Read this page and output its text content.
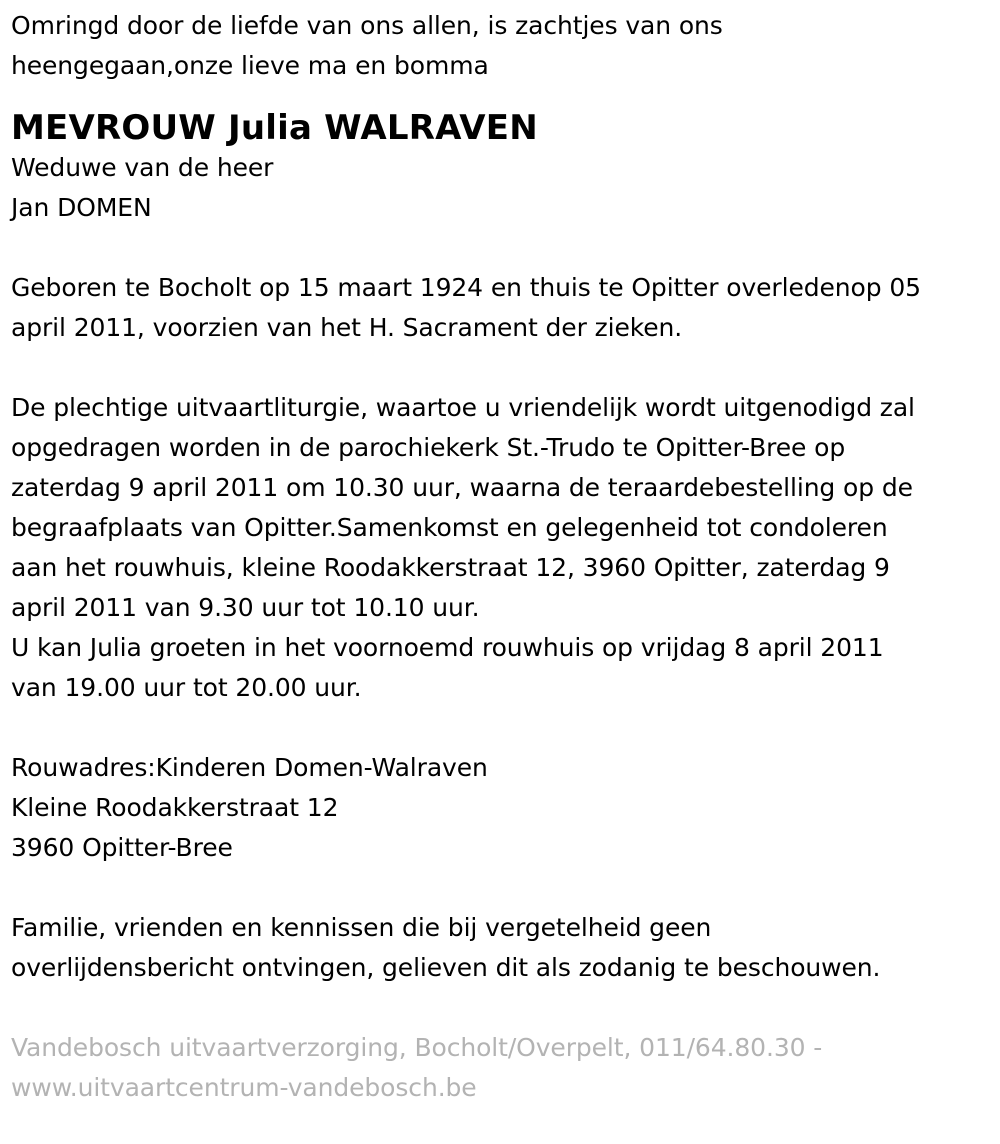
Omringd door de liefde van ons allen, is zachtjes van ons
heengegaan,onze lieve ma en bomma
MEVROUW Julia WALRAVEN
Weduwe van de heer
Jan DOMEN
Geboren te Bocholt op 15 maart 1924 en thuis te Opitter overledenop 05
april 2011, voorzien van het H. Sacrament der zieken.
De plechtige uitvaartliturgie, waartoe u vriendelijk wordt uitgenodigd zal
opgedragen worden in de parochiekerk St.-Trudo te Opitter-Bree op
zaterdag 9 april 2011 om 10.30 uur, waarna de teraardebestelling op de
begraafplaats van Opitter.Samenkomst en gelegenheid tot condoleren
aan het rouwhuis, kleine Roodakkerstraat 12, 3960 Opitter, zaterdag 9
april 2011 van 9.30 uur tot 10.10 uur.
U kan Julia groeten in het voornoemd rouwhuis op vrijdag 8 april 2011
van 19.00 uur tot 20.00 uur.
Rouwadres:Kinderen Domen-Walraven
Kleine Roodakkerstraat 12
3960 Opitter-Bree
Familie, vrienden en kennissen die bij vergetelheid geen
overlijdensbericht ontvingen, gelieven dit als zodanig te beschouwen.
Vandebosch uitvaartverzorging, Bocholt/Overpelt, 011/64.80.30 -
www.uitvaartcentrum-vandebosch.be
